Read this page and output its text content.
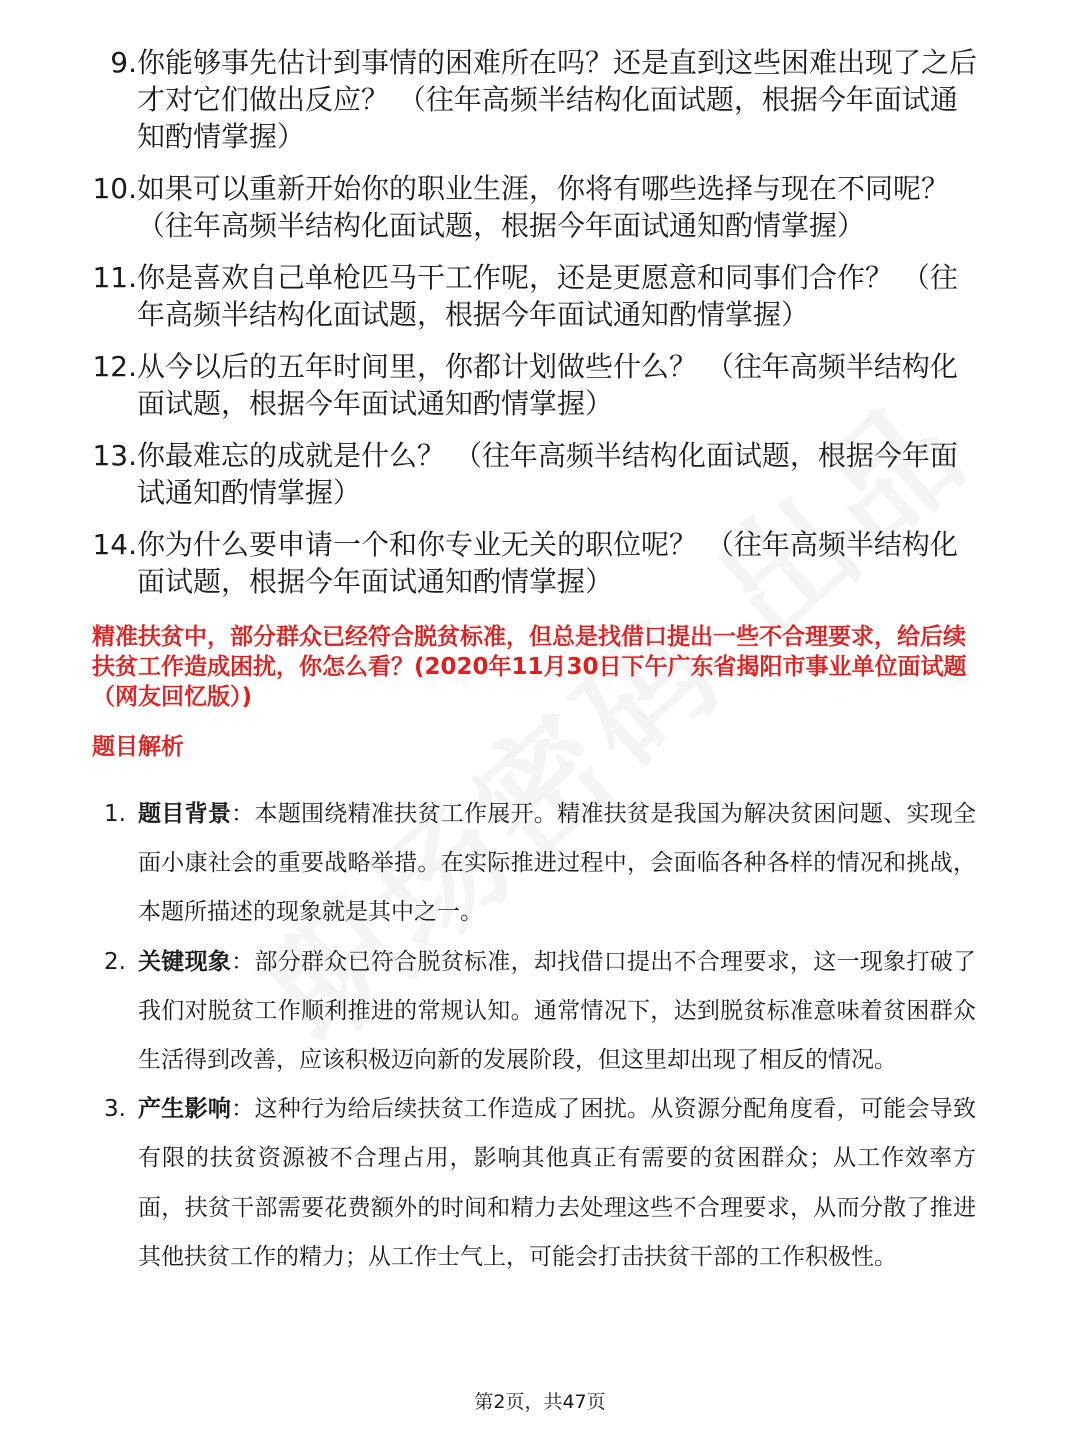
9. 你能够事先估计到事情的困难所在吗？还是直到这些困难出现了之后才对它们做出反应？ （往年高频半结构化面试题，根据今年面试通知酌情掌握）
10. 如果可以重新开始你的职业生涯，你将有哪些选择与现在不同呢？ （往年高频半结构化面试题，根据今年面试通知酌情掌握）
11. 你是喜欢自己单枪匹马干工作呢，还是更愿意和同事们合作？ （往年高频半结构化面试题，根据今年面试通知酌情掌握）
12. 从今以后的五年时间里，你都计划做些什么？ （往年高频半结构化面试题，根据今年面试通知酌情掌握）
13. 你最难忘的成就是什么？ （往年高频半结构化面试题，根据今年面试通知酌情掌握）
14. 你为什么要申请一个和你专业无关的职位呢？ （往年高频半结构化面试题，根据今年面试通知酌情掌握）

精准扶贫中，部分群众已经符合脱贫标准，但总是找借口提出一些不合理要求，给后续扶贫工作造成困扰，你怎么看？(2020年11月30日下午广东省揭阳市事业单位面试题（网友回忆版）)

题目解析

1. 题目背景：本题围绕精准扶贫工作展开。精准扶贫是我国为解决贫困问题、实现全面小康社会的重要战略举措。在实际推进过程中，会面临各种各样的情况和挑战，本题所描述的现象就是其中之一。
2. 关键现象：部分群众已符合脱贫标准，却找借口提出不合理要求，这一现象打破了我们对脱贫工作顺利推进的常规认知。通常情况下，达到脱贫标准意味着贫困群众生活得到改善，应该积极迈向新的发展阶段，但这里却出现了相反的情况。
3. 产生影响：这种行为给后续扶贫工作造成了困扰。从资源分配角度看，可能会导致有限的扶贫资源被不合理占用，影响其他真正有需要的贫困群众；从工作效率方面，扶贫干部需要花费额外的时间和精力去处理这些不合理要求，从而分散了推进其他扶贫工作的精力；从工作士气上，可能会打击扶贫干部的工作积极性。
第2页，共47页
